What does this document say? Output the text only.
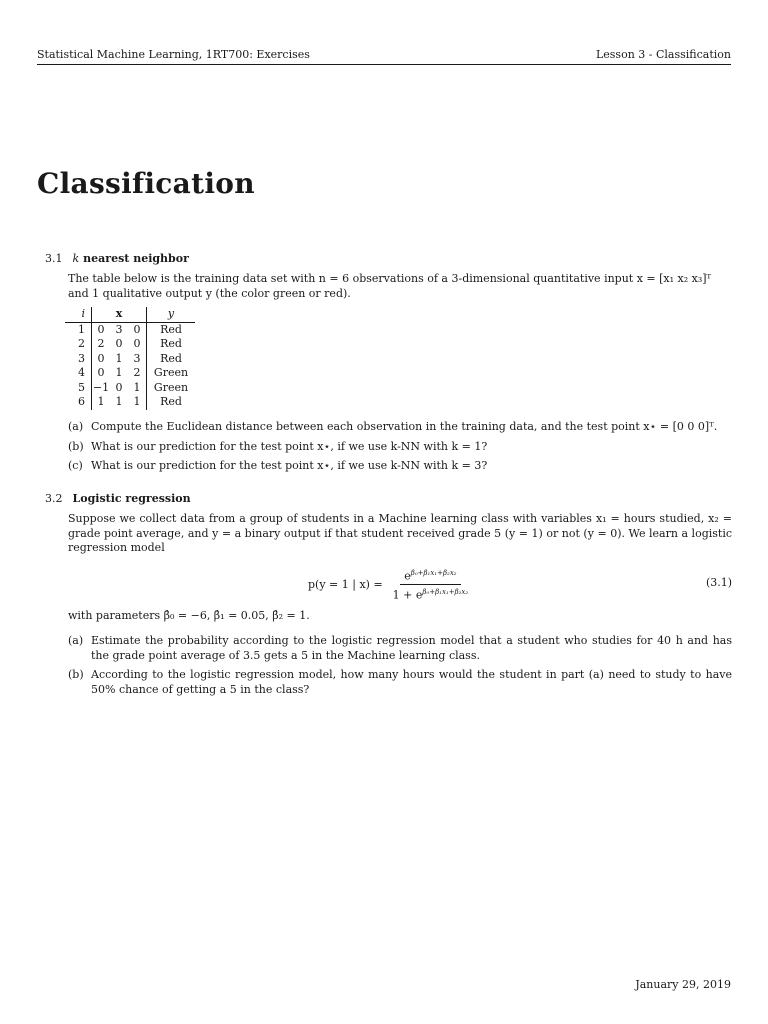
Statistical Machine Learning, 1RT700: Exercises	Lesson 3 - Classification
Classification
3.1 k nearest neighbor
The table below is the training data set with n = 6 observations of a 3-dimensional quantitative input x = [x₁ x₂ x₃]ᵀ
and 1 qualitative output y (the color green or red).
i	x			y
1	0	3	0	Red
2	2	0	0	Red
3	0	1	3	Red
4	0	1	2	Green
5	−1	0	1	Green
6	1	1	1	Red
(a) Compute the Euclidean distance between each observation in the training data, and the test point x⋆ = [0 0 0]ᵀ.
(b) What is our prediction for the test point x⋆, if we use k-NN with k = 1?
(c) What is our prediction for the test point x⋆, if we use k-NN with k = 3?
3.2 Logistic regression
Suppose we collect data from a group of students in a Machine learning class with variables x₁ = hours studied, x₂ = grade point average, and y = a binary output if that student received grade 5 (y = 1) or not (y = 0). We learn a logistic regression model
p(y = 1 | $x) = \frac{e^{\beta_0+\beta_1x_1+\beta_2x_2}}{1 + e^{\beta_0+\beta_1x_1+\beta_2x_2}}$	(3.1)
with parameters β̂₀ = −6, β̂₁ = 0.05, β̂₂ = 1.
(a) Estimate the probability according to the logistic regression model that a student who studies for 40 h and has the grade point average of 3.5 gets a 5 in the Machine learning class.
(b) According to the logistic regression model, how many hours would the student in part (a) need to study to have 50% chance of getting a 5 in the class?
January 29, 2019
